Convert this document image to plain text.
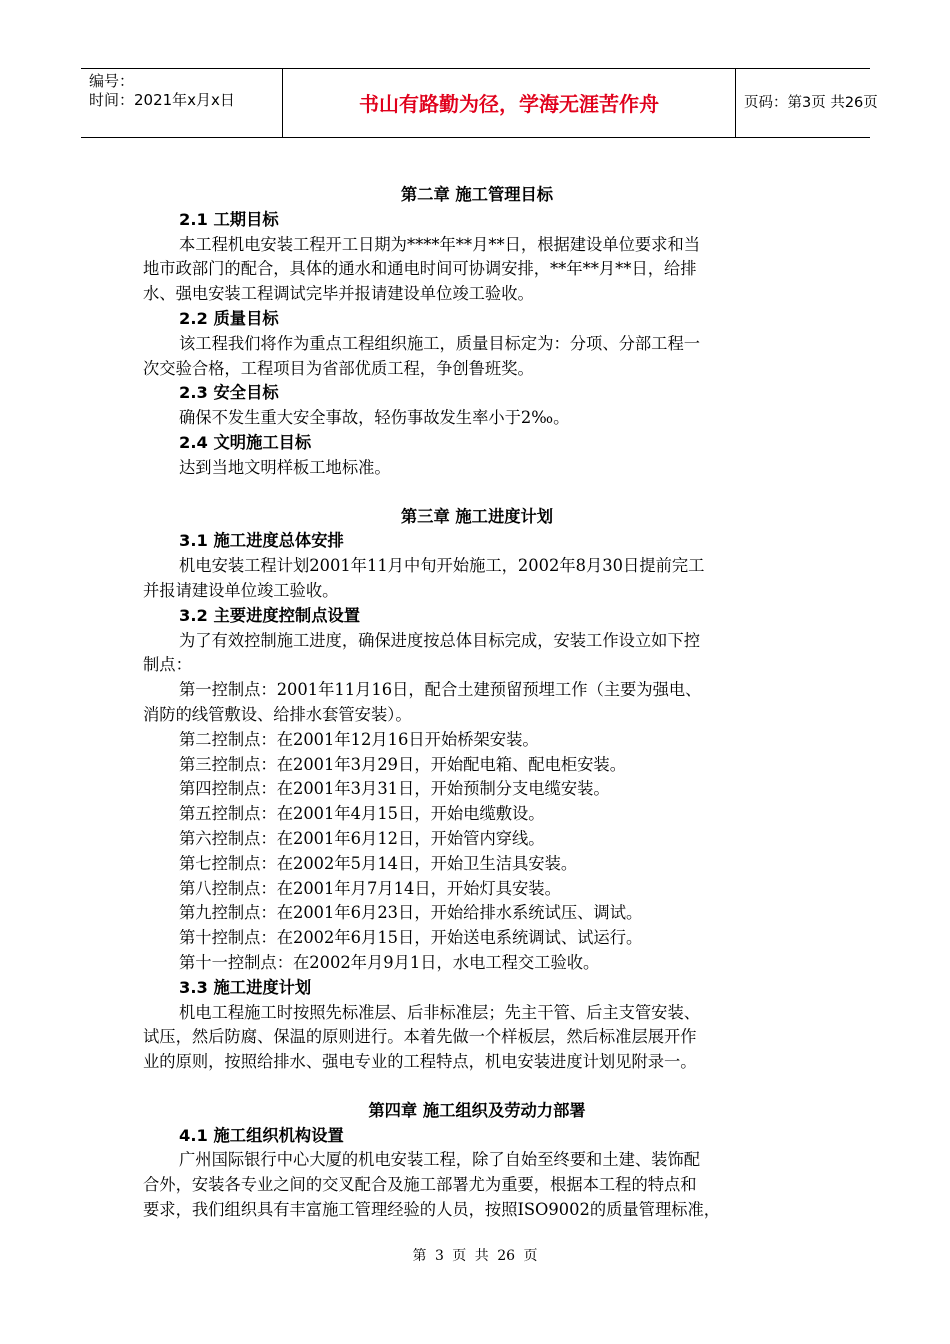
编号：
时间：2021年x月x日	书山有路勤为径，学海无涯苦作舟	页码：第3页 共26页
第二章 施工管理目标
2.1 工期目标
本工程机电安装工程开工日期为****年**月**日，根据建设单位要求和当
地市政部门的配合，具体的通水和通电时间可协调安排，**年**月**日，给排
水、强电安装工程调试完毕并报请建设单位竣工验收。
2.2 质量目标
该工程我们将作为重点工程组织施工，质量目标定为：分项、分部工程一
次交验合格，工程项目为省部优质工程，争创鲁班奖。
2.3 安全目标
确保不发生重大安全事故，轻伤事故发生率小于2‰。
2.4 文明施工目标
达到当地文明样板工地标准。
第三章 施工进度计划
3.1 施工进度总体安排
机电安装工程计划2001年11月中旬开始施工，2002年8月30日提前完工
并报请建设单位竣工验收。
3.2 主要进度控制点设置
为了有效控制施工进度，确保进度按总体目标完成，安装工作设立如下控
制点：
第一控制点：2001年11月16日，配合土建预留预埋工作（主要为强电、
消防的线管敷设、给排水套管安装）。
第二控制点：在2001年12月16日开始桥架安装。
第三控制点：在2001年3月29日，开始配电箱、配电柜安装。
第四控制点：在2001年3月31日，开始预制分支电缆安装。
第五控制点：在2001年4月15日，开始电缆敷设。
第六控制点：在2001年6月12日，开始管内穿线。
第七控制点：在2002年5月14日，开始卫生洁具安装。
第八控制点：在2001年月7月14日，开始灯具安装。
第九控制点：在2001年6月23日，开始给排水系统试压、调试。
第十控制点：在2002年6月15日，开始送电系统调试、试运行。
第十一控制点：在2002年月9月1日，水电工程交工验收。
3.3 施工进度计划
机电工程施工时按照先标准层、后非标准层；先主干管、后主支管安装、
试压，然后防腐、保温的原则进行。本着先做一个样板层，然后标准层展开作
业的原则，按照给排水、强电专业的工程特点，机电安装进度计划见附录一。
第四章 施工组织及劳动力部署
4.1 施工组织机构设置
广州国际银行中心大厦的机电安装工程，除了自始至终要和土建、装饰配
合外，安装各专业之间的交叉配合及施工部署尤为重要，根据本工程的特点和
要求，我们组织具有丰富施工管理经验的人员，按照ISO9002的质量管理标准，
第 3 页 共 26 页
